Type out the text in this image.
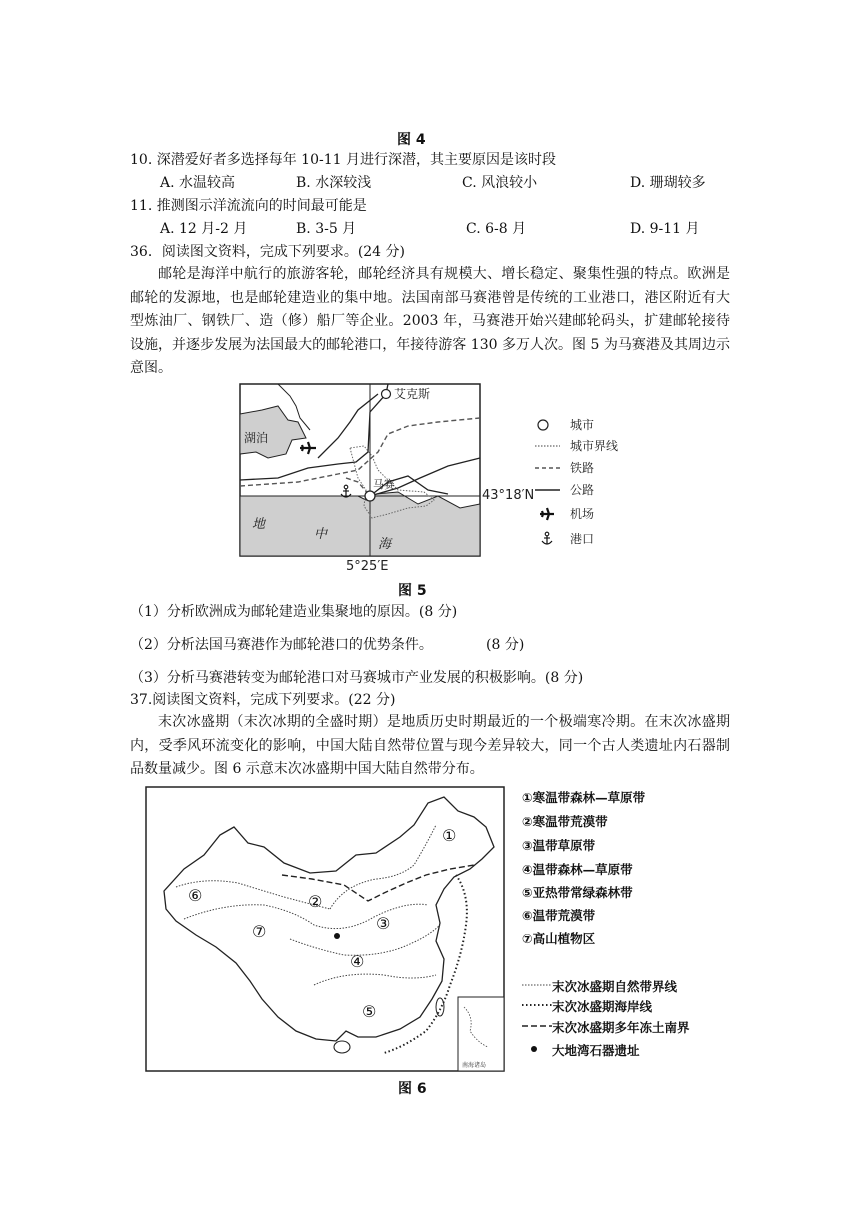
图 4
10. 深潜爱好者多选择每年 10-11 月进行深潜，其主要原因是该时段
A. 水温较高	B. 水深较浅	C. 风浪较小	D. 珊瑚较多
11. 推测图示洋流流向的时间最可能是
A. 12 月-2 月	B. 3-5 月	C. 6-8 月	D. 9-11 月
36．阅读图文资料，完成下列要求。(24 分)
邮轮是海洋中航行的旅游客轮，邮轮经济具有规模大、增长稳定、聚集性强的特点。欧洲是邮轮的发源地，也是邮轮建造业的集中地。法国南部马赛港曾是传统的工业港口，港区附近有大型炼油厂、钢铁厂、造（修）船厂等企业。2003 年，马赛港开始兴建邮轮码头，扩建邮轮接待设施，并逐步发展为法国最大的邮轮港口，年接待游客 130 多万人次。图 5 为马赛港及其周边示意图。
艾克斯
马赛
湖泊
地
中
海
43°18′N
5°25′E
城市
城市界线
铁路
公路
机场
港口
图 5
（1）分析欧洲成为邮轮建造业集聚地的原因。(8 分)
（2）分析法国马赛港作为邮轮港口的优势条件。	(8 分)
（3）分析马赛港转变为邮轮港口对马赛城市产业发展的积极影响。(8 分)
37.阅读图文资料，完成下列要求。(22 分)
末次冰盛期（末次冰期的全盛时期）是地质历史时期最近的一个极端寒冷期。在末次冰盛期内，受季风环流变化的影响，中国大陆自然带位置与现今差异较大，同一个古人类遗址内石器制品数量减少。图 6 示意末次冰盛期中国大陆自然带分布。
南海诸岛
①
②
③
④
⑤
⑥
⑦
①寒温带森林—草原带
②寒温带荒漠带
③温带草原带
④温带森林—草原带
⑤亚热带常绿森林带
⑥温带荒漠带
⑦高山植物区
末次冰盛期自然带界线
末次冰盛期海岸线
末次冰盛期多年冻土南界
大地湾石器遗址
图 6
